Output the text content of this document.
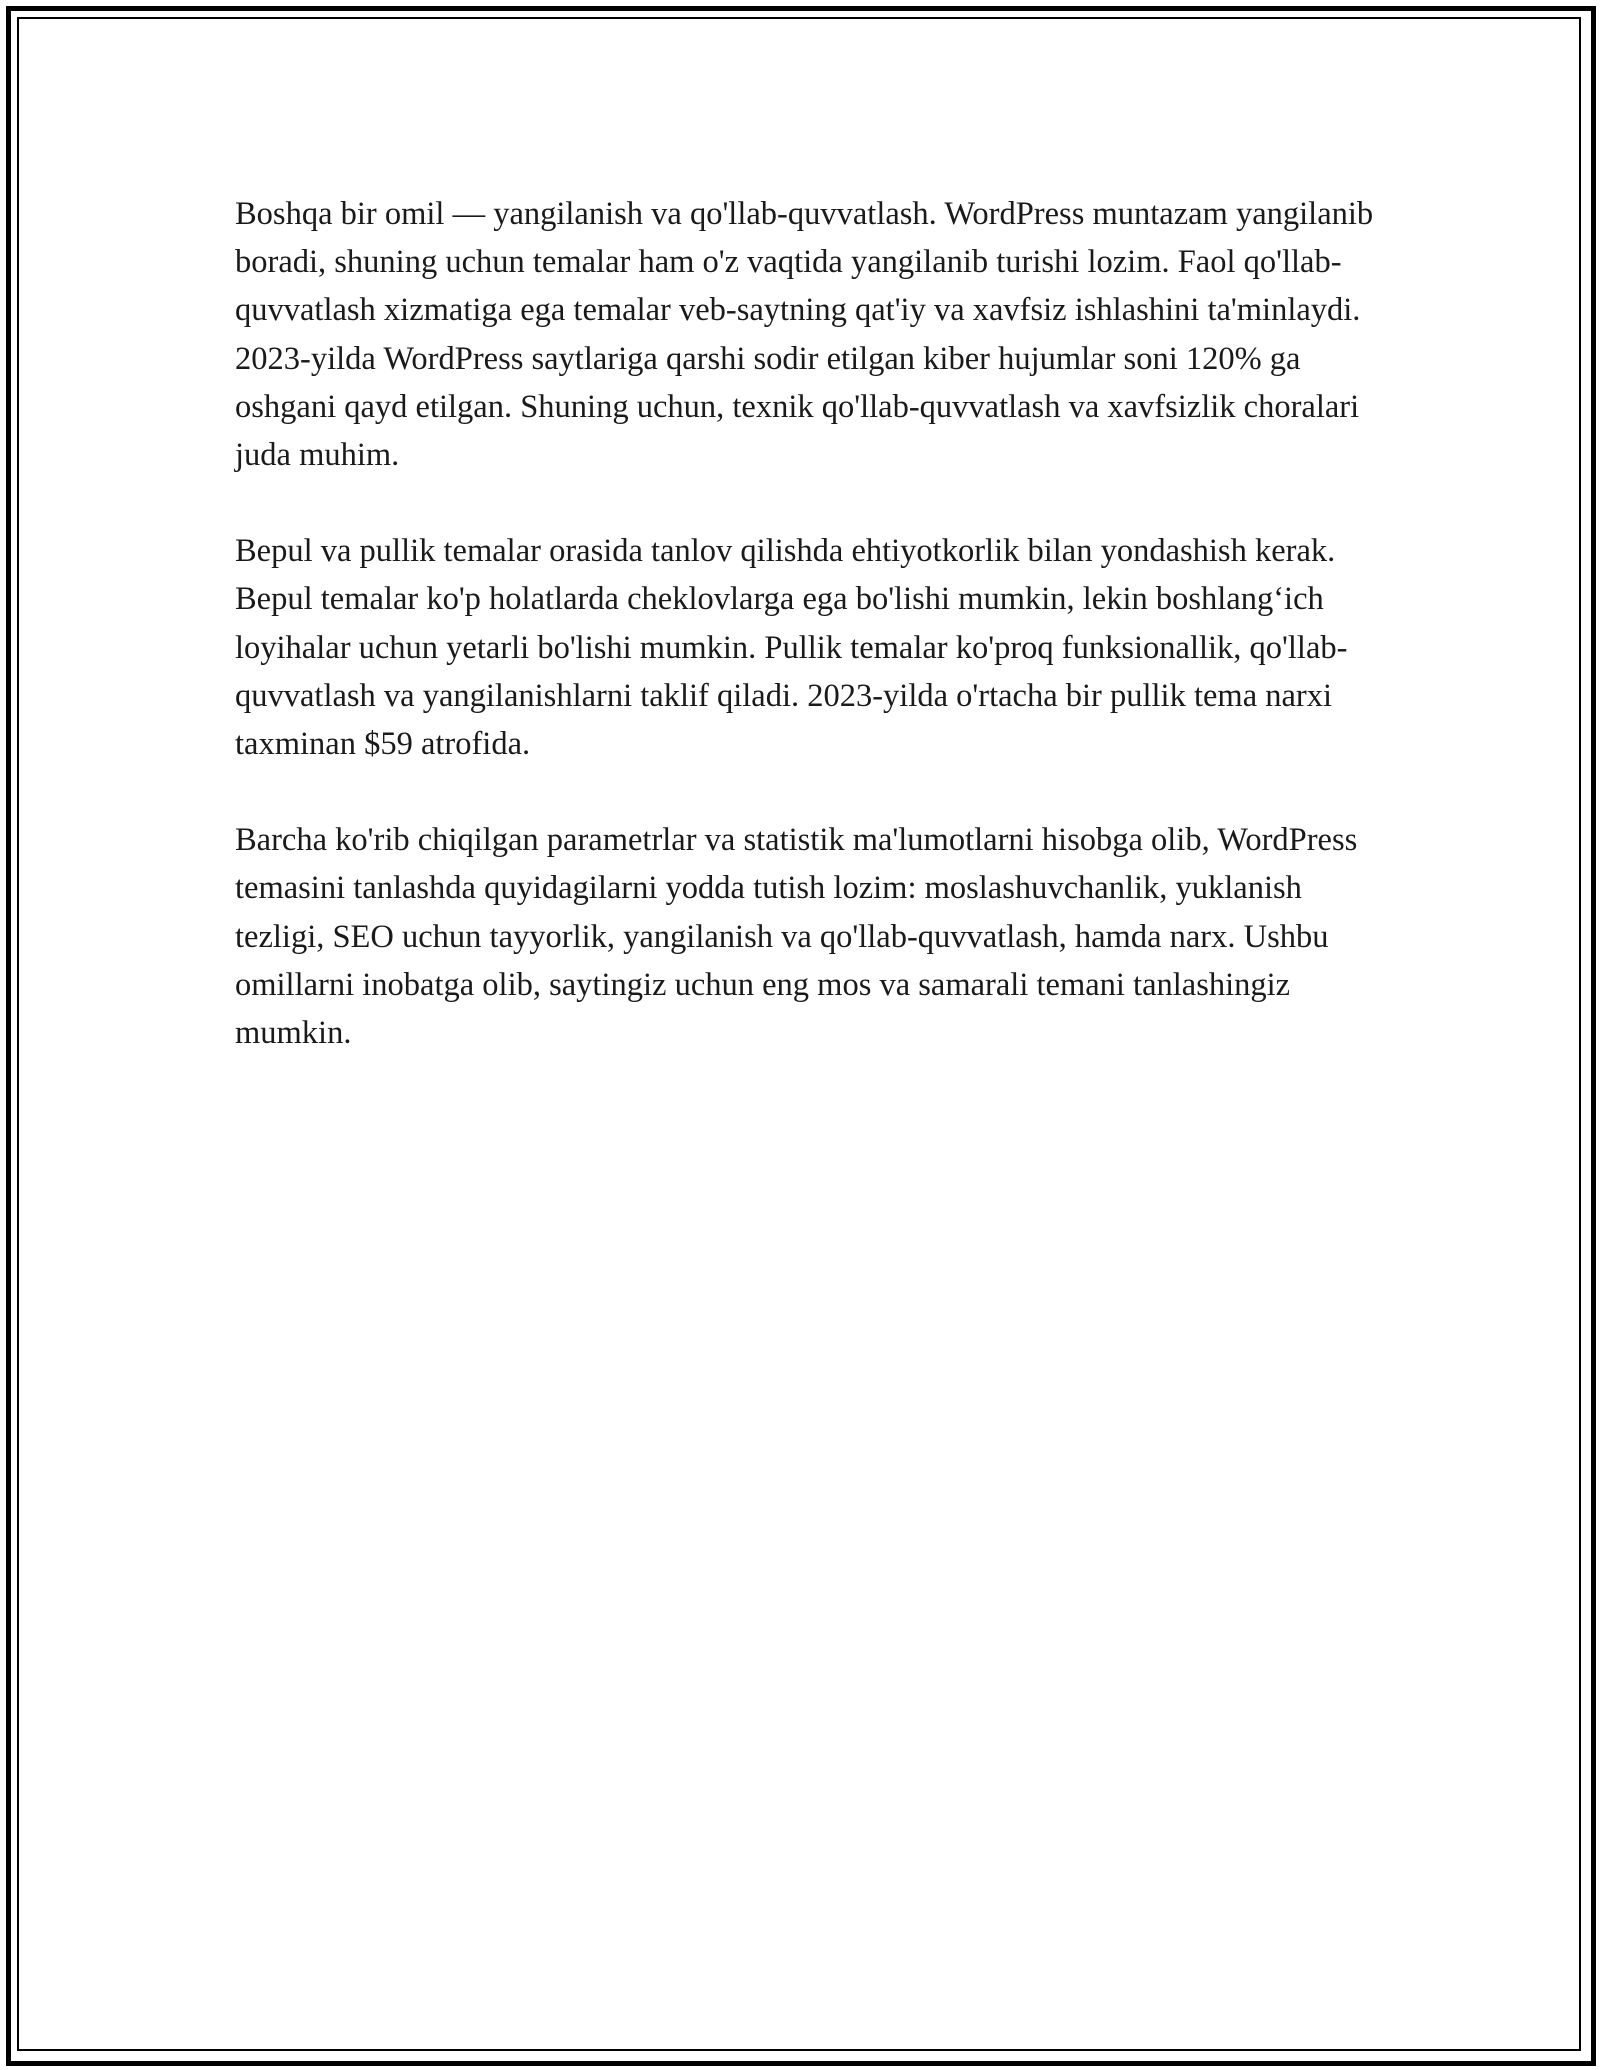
Boshqa bir omil — yangilanish va qo'llab-quvvatlash. WordPress muntazam yangilanib boradi, shuning uchun temalar ham o'z vaqtida yangilanib turishi lozim. Faol qo'llab-quvvatlash xizmatiga ega temalar veb-saytning qat'iy va xavfsiz ishlashini ta'minlaydi. 2023-yilda WordPress saytlariga qarshi sodir etilgan kiber hujumlar soni 120% ga oshgani qayd etilgan. Shuning uchun, texnik qo'llab-quvvatlash va xavfsizlik choralari juda muhim.

Bepul va pullik temalar orasida tanlov qilishda ehtiyotkorlik bilan yondashish kerak. Bepul temalar ko'p holatlarda cheklovlarga ega bo'lishi mumkin, lekin boshlang‘ich loyihalar uchun yetarli bo'lishi mumkin. Pullik temalar ko'proq funksionallik, qo'llab-quvvatlash va yangilanishlarni taklif qiladi. 2023-yilda o'rtacha bir pullik tema narxi taxminan $59 atrofida.

Barcha ko'rib chiqilgan parametrlar va statistik ma'lumotlarni hisobga olib, WordPress temasini tanlashda quyidagilarni yodda tutish lozim: moslashuvchanlik, yuklanish tezligi, SEO uchun tayyorlik, yangilanish va qo'llab-quvvatlash, hamda narx. Ushbu omillarni inobatga olib, saytingiz uchun eng mos va samarali temani tanlashingiz mumkin.
